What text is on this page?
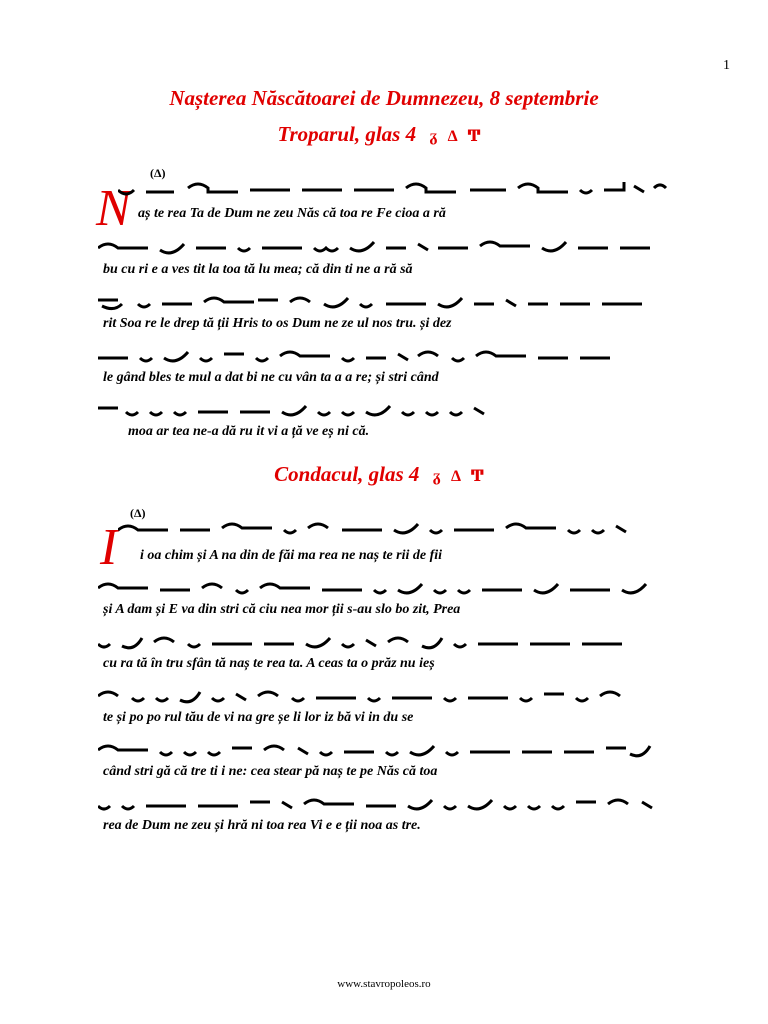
1
Nașterea Născătoarei de Dumnezeu, 8 septembrie
Troparul, glas 4 ᵹ Δ Ͳ
(Δ)
N aș te rea Ta de Dum ne zeu Năs că toa re Fe cioa a ră
bu cu ri e a ves tit la toa tă lu mea; că din ti ne a ră să
rit Soa re le drep tă ții Hris to os Dum ne ze ul nos tru. și dez
le gând bles te mul a dat bi ne cu vân ta a a re; și stri când
moa ar tea ne-a dă ru it vi a ță ve eș ni că.
Condacul, glas 4 ᵹ Δ Ͳ
(Δ)
I i oa chim și A na din de făi ma rea ne naș te rii de fii
și A dam și E va din stri că ciu nea mor ții s-au slo bo zit, Prea
cu ra tă în tru sfân tă naș te rea ta. A ceas ta o prăz nu ieș
te și po po rul tău de vi na gre șe li lor iz bă vi in du se
când stri gă că tre ti i ne: cea stear pă naș te pe Năs că toa
rea de Dum ne zeu și hră ni toa rea Vi e e ții noa as tre.
www.stavropoleos.ro
